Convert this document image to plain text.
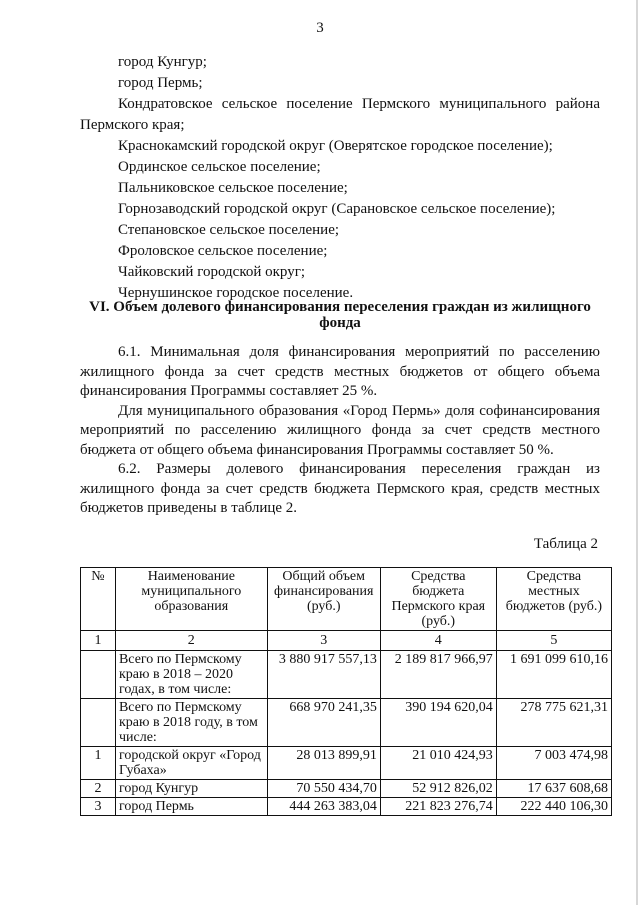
3
город Кунгур;
город Пермь;
Кондратовское сельское поселение Пермского муниципального района Пермского края;
Краснокамский городской округ (Оверятское городское поселение);
Ординское сельское поселение;
Пальниковское сельское поселение;
Горнозаводский городской округ (Сарановское сельское поселение);
Степановское сельское поселение;
Фроловское сельское поселение;
Чайковский городской округ;
Чернушинское городское поселение.
VI. Объем долевого финансирования переселения граждан из жилищного фонда

6.1. Минимальная доля финансирования мероприятий по расселению жилищного фонда за счет средств местных бюджетов от общего объема финансирования Программы составляет 25 %.

Для муниципального образования «Город Пермь» доля софинансирования мероприятий по расселению жилищного фонда за счет средств местного бюджета от общего объема финансирования Программы составляет 50 %.

6.2. Размеры долевого финансирования переселения граждан из жилищного фонда за счет средств бюджета Пермского края, средств местных бюджетов приведены в таблице 2.

Таблица 2
№	Наименование муниципального образования	Общий объем финансирования (руб.)	Средства бюджета Пермского края (руб.)	Средства местных бюджетов (руб.)
1	2	3	4	5
	Всего по Пермскому краю в 2018 – 2020 годах, в том числе:	3 880 917 557,13	2 189 817 966,97	1 691 099 610,16
	Всего по Пермскому краю в 2018 году, в том числе:	668 970 241,35	390 194 620,04	278 775 621,31
1	городской округ «Город Губаха»	28 013 899,91	21 010 424,93	7 003 474,98
2	город Кунгур	70 550 434,70	52 912 826,02	17 637 608,68
3	город Пермь	444 263 383,04	221 823 276,74	222 440 106,30
